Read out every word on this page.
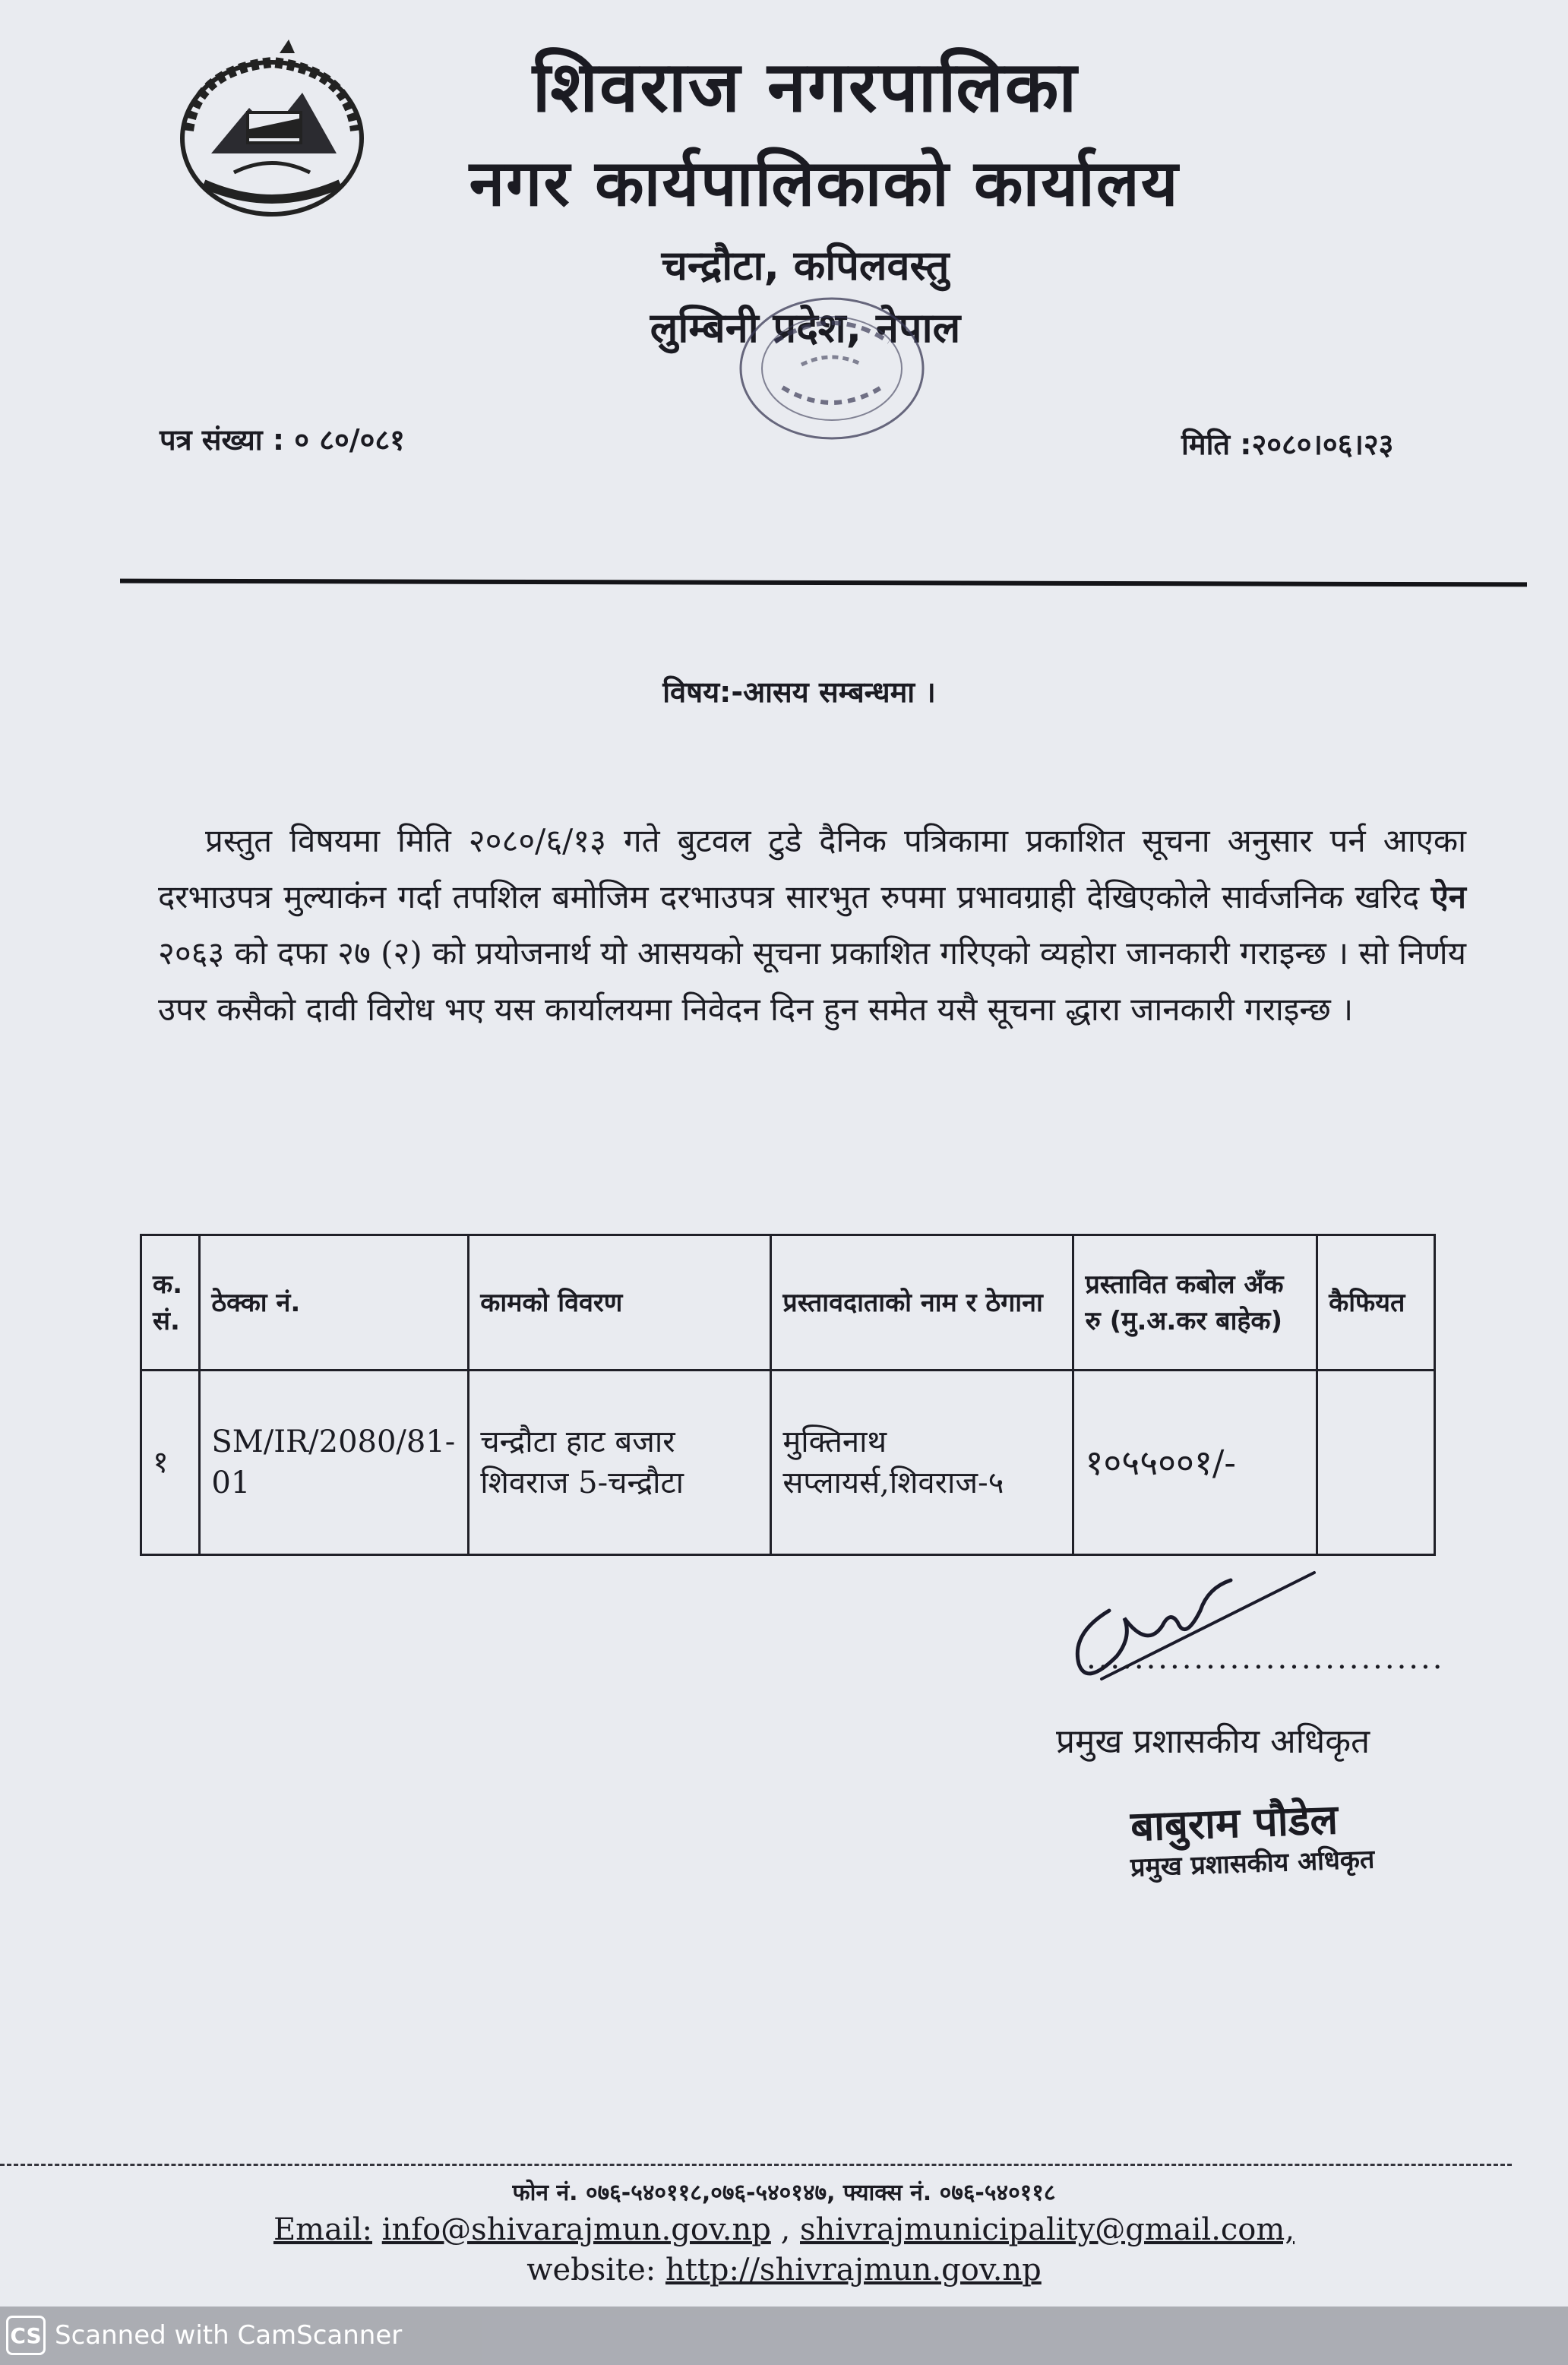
शिवराज नगरपालिका
नगर कार्यपालिकाको कार्यालय
चन्द्रौटा, कपिलवस्तु
लुम्बिनी प्रदेश, नेपाल
पत्र संख्या : ० ८०/०८१	मिति :२०८०।०६।२३
विषय:-आसय सम्बन्धमा ।
प्रस्तुत विषयमा मिति २०८०/६/१३ गते बुटवल टुडे दैनिक पत्रिकामा प्रकाशित सूचना अनुसार पर्न आएका दरभाउपत्र मुल्याकंन गर्दा तपशिल बमोजिम दरभाउपत्र सारभुत रुपमा प्रभावग्राही देखिएकोले सार्वजनिक खरिद ऐन २०६३ को दफा २७ (२) को प्रयोजनार्थ यो आसयको सूचना प्रकाशित गरिएको व्यहोरा जानकारी गराइन्छ । सो निर्णय उपर कसैको दावी विरोध भए यस कार्यालयमा निवेदन दिन हुन समेत यसै सूचना द्धारा जानकारी गराइन्छ ।
क. सं.	ठेक्का नं.	कामको विवरण	प्रस्तावदाताको नाम र ठेगाना	प्रस्तावित कबोल अँक रु (मु.अ.कर बाहेक)	कैफियत
१	SM/IR/2080/81-01	चन्द्रौटा हाट बजार शिवराज 5-चन्द्रौटा	मुक्तिनाथ सप्लायर्स,शिवराज-५	१०५५००१/-	
..............................
प्रमुख प्रशासकीय अधिकृत
बाबुराम पौडेल
प्रमुख प्रशासकीय अधिकृत
फोन नं. ०७६-५४०११८,०७६-५४०१४७, फ्याक्स नं. ०७६-५४०११८
Email: info@shivarajmun.gov.np , shivrajmunicipality@gmail.com,
website: http://shivrajmun.gov.np
CS Scanned with CamScanner
